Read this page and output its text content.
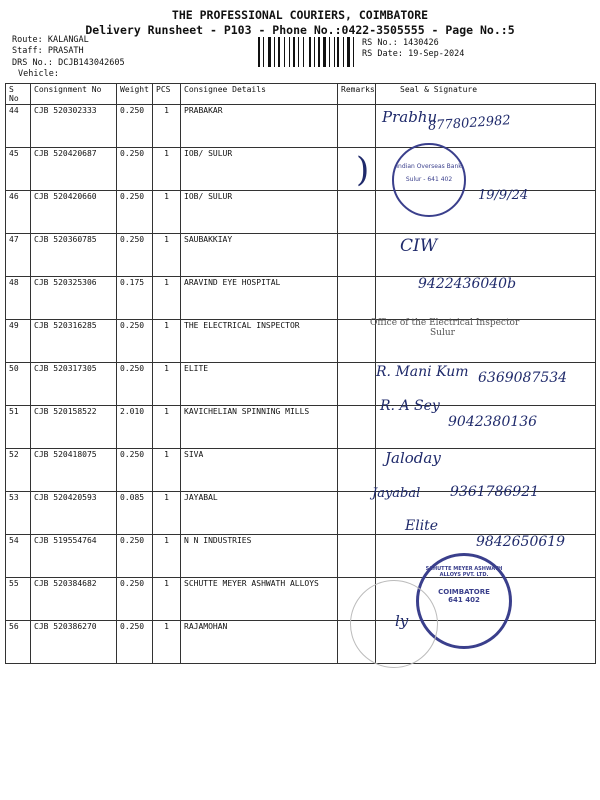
THE PROFESSIONAL COURIERS, COIMBATORE
Delivery Runsheet - P103 - Phone No.:0422-3505555 - Page No.:5
Route: KALANGAL
Staff: PRASATH
DRS No.: DCJB143042605
Vehicle:
RS No.: 1430426
RS Date: 19-Sep-2024
S No	Consignment No	Weight	PCS	Consignee Details	Remarks	Seal & Signature
44	CJB 520302333	0.250	1	PRABAKAR		
45	CJB 520420687	0.250	1	IOB/ SULUR		
46	CJB 520420660	0.250	1	IOB/ SULUR		
47	CJB 520360785	0.250	1	SAUBAKKIAY		
48	CJB 520325306	0.175	1	ARAVIND EYE HOSPITAL		
49	CJB 520316285	0.250	1	THE ELECTRICAL INSPECTOR		
50	CJB 520317305	0.250	1	ELITE		
51	CJB 520158522	2.010	1	KAVICHELIAN SPINNING MILLS		
52	CJB 520418075	0.250	1	SIVA		
53	CJB 520420593	0.085	1	JAYABAL		
54	CJB 519554764	0.250	1	N N INDUSTRIES		
55	CJB 520384682	0.250	1	SCHUTTE MEYER ASHWATH ALLOYS		
56	CJB 520386270	0.250	1	RAJAMOHAN		
Prabhu
8778022982
)
19/9/24
CIW
9422436040b
R. Mani Kum 6369087534
R. A Sey
9042380136
Jaloday
Jayabal 9361786921
Elite
9842650619
ly
Indian Overseas Bank
Sulur - 641 402
Office of the Electrical Inspector
Sulur
SCHUTTE MEYER ASHWATH ALLOYS PVT. LTD.
COIMBATORE
641 402
